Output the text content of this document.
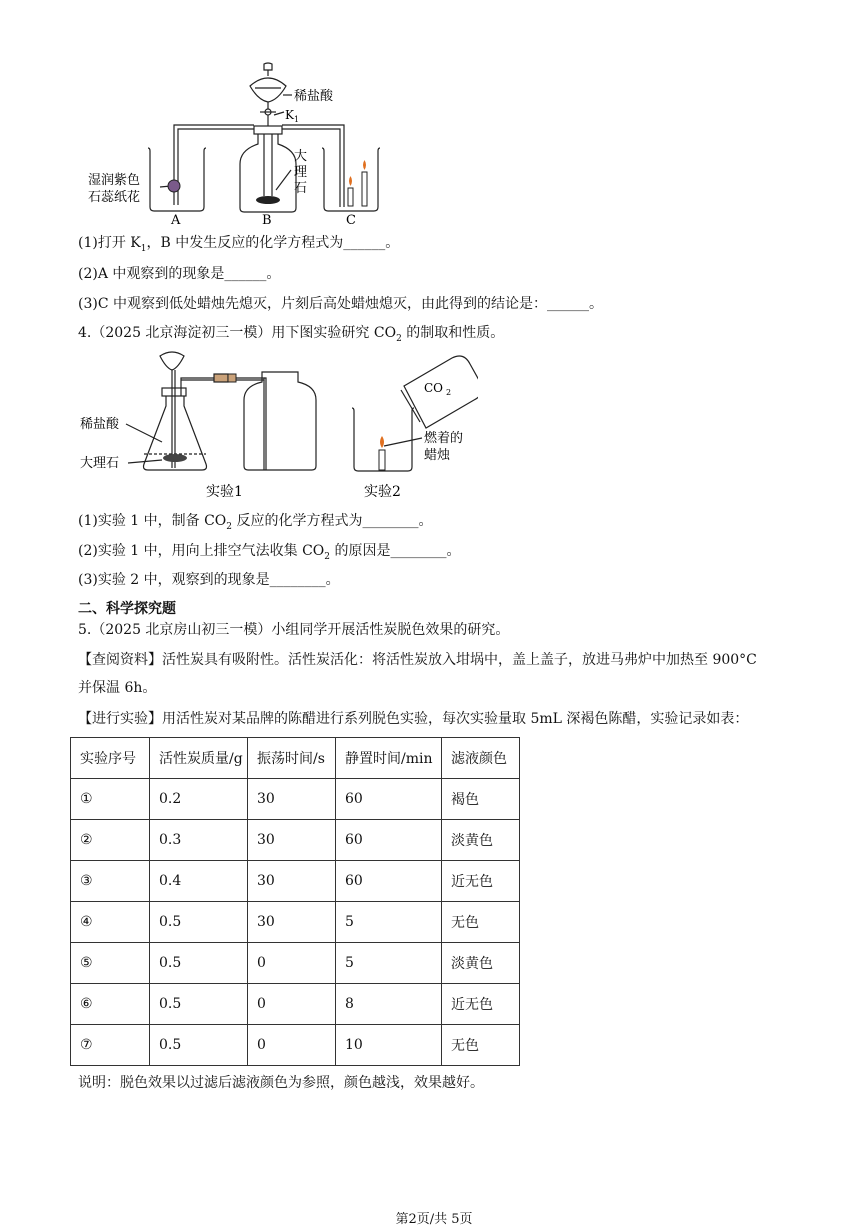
稀盐酸
K 1
大
理
石
湿润紫色
石蕊纸花
A	B	C
(1)打开 $K_1$，B 中发生反应的化学方程式为______。
(2)A 中观察到的现象是______。
(3)C 中观察到低处蜡烛先熄灭，片刻后高处蜡烛熄灭，由此得到的结论是：______。
4.（2025 北京海淀初三一模）用下图实验研究 $CO_2$ 的制取和性质。
CO 2
稀盐酸
大理石
燃着的
蜡烛
实验1	实验2
(1)实验 1 中，制备 $CO_2$ 反应的化学方程式为________。
(2)实验 1 中，用向上排空气法收集 $CO_2$ 的原因是________。
(3)实验 2 中，观察到的现象是________。
二、科学探究题
5.（2025 北京房山初三一模）小组同学开展活性炭脱色效果的研究。
【查阅资料】活性炭具有吸附性。活性炭活化：将活性炭放入坩埚中，盖上盖子，放进马弗炉中加热至 900°C
并保温 6h。
【进行实验】用活性炭对某品牌的陈醋进行系列脱色实验，每次实验量取 5mL 深褐色陈醋，实验记录如表：
实验序号	活性炭质量/g	振荡时间/s	静置时间/min	滤液颜色
①	0.2	30	60	褐色
②	0.3	30	60	淡黄色
③	0.4	30	60	近无色
④	0.5	30	5	无色
⑤	0.5	0	5	淡黄色
⑥	0.5	0	8	近无色
⑦	0.5	0	10	无色
说明：脱色效果以过滤后滤液颜色为参照，颜色越浅，效果越好。
第2页/共 5页
